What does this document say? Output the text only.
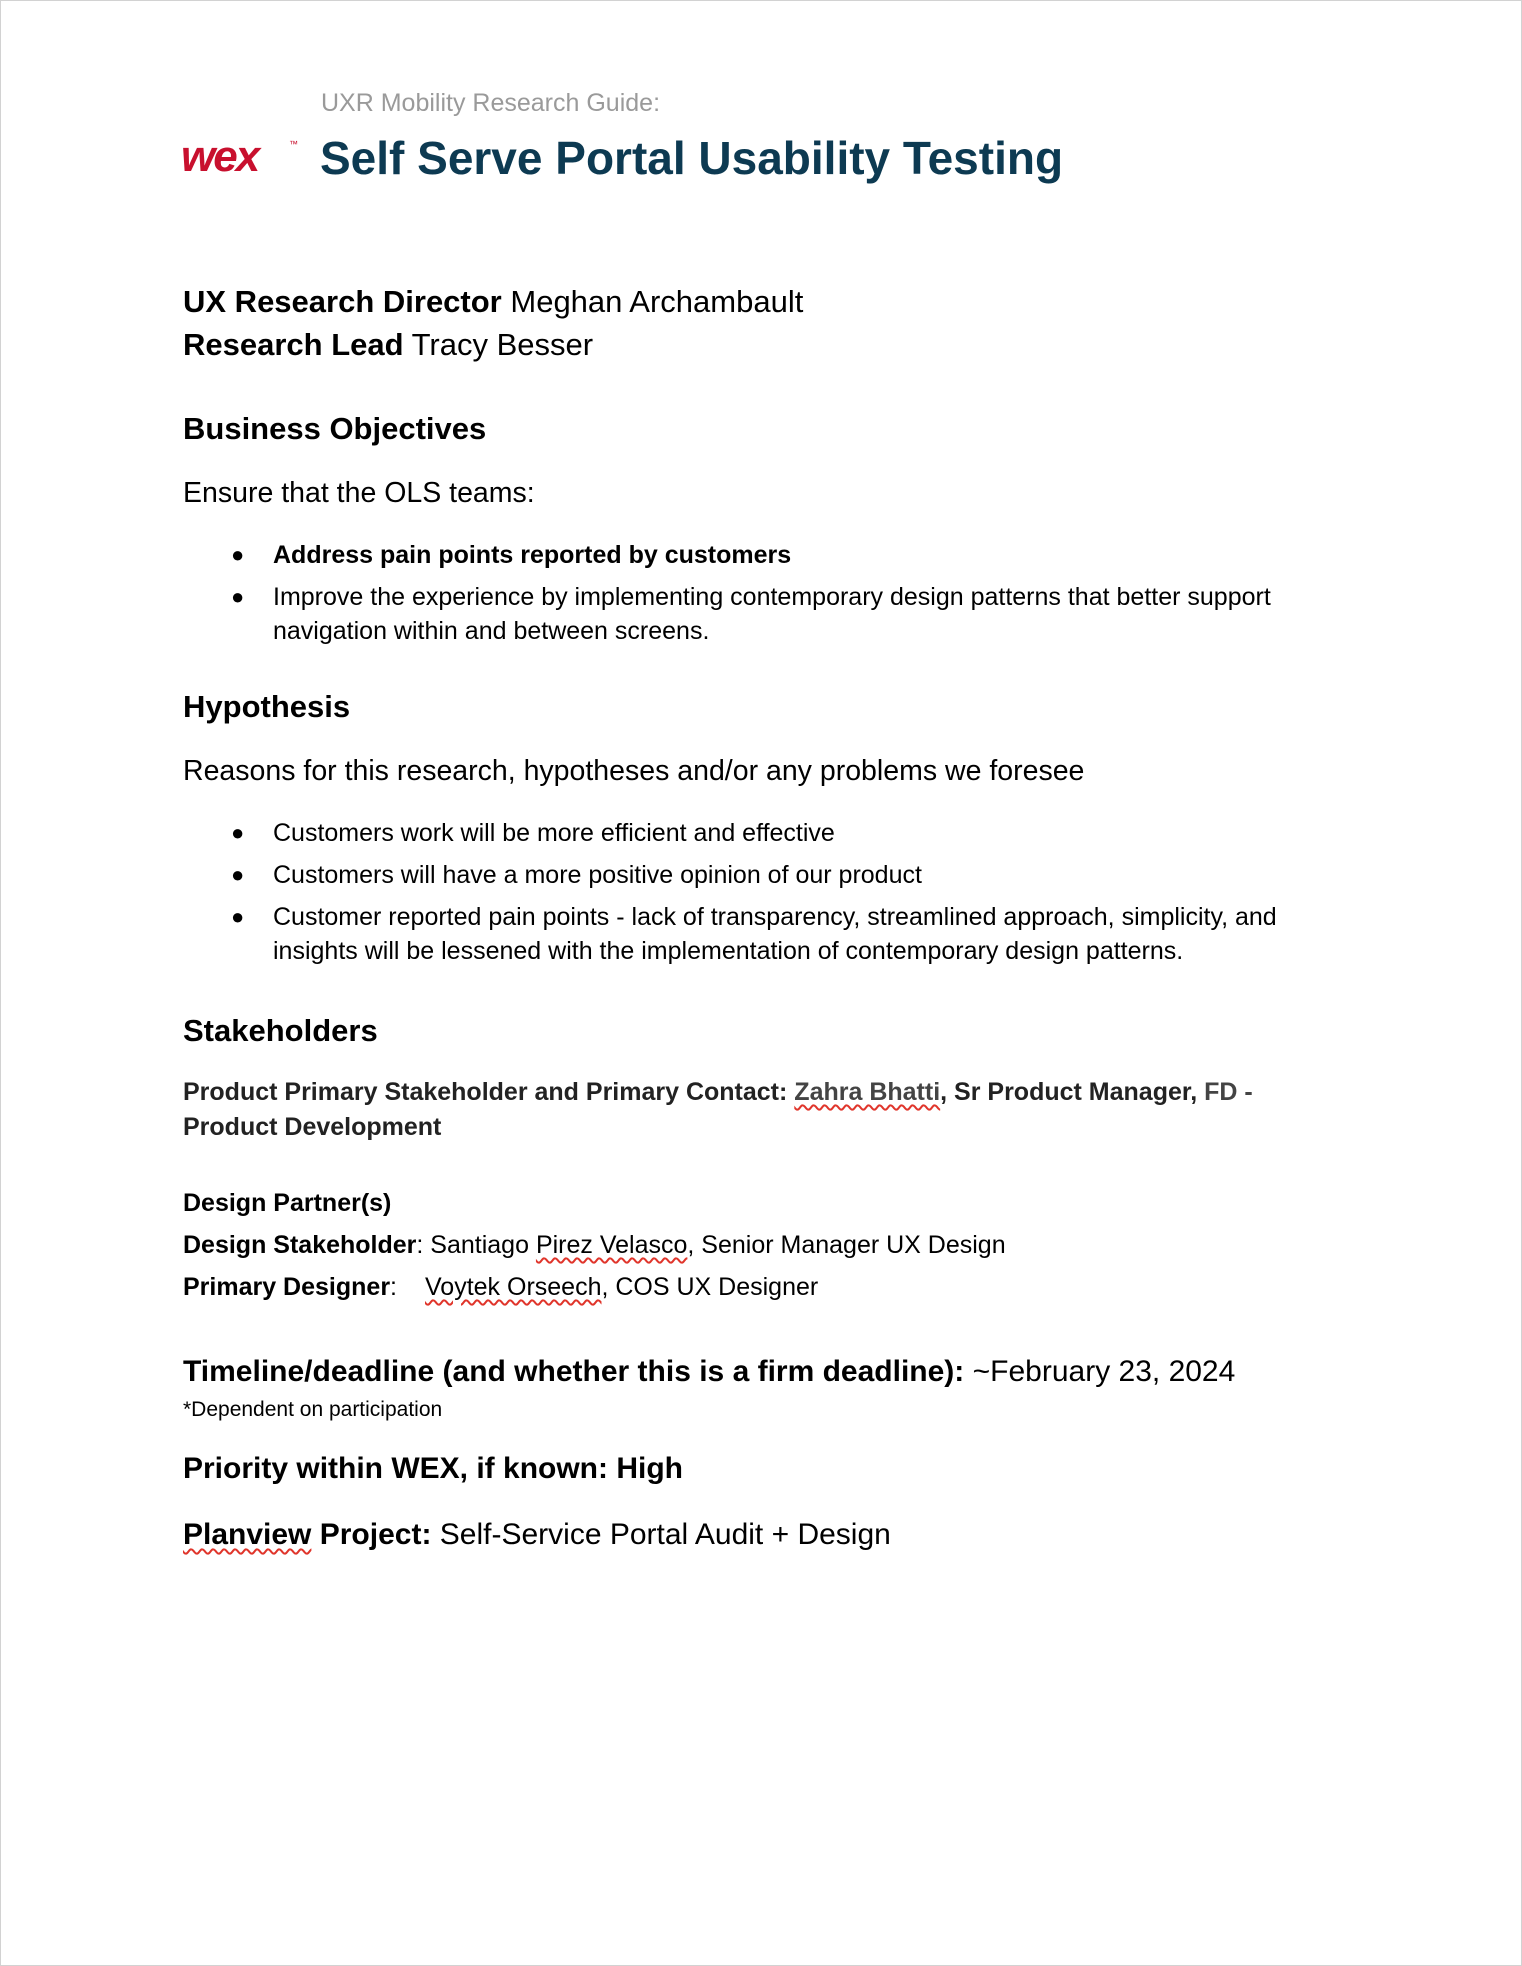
UXR Mobility Research Guide:
wex	™ Self Serve Portal Usability Testing
UX Research Director Meghan Archambault
Research Lead Tracy Besser
Business Objectives
Ensure that the OLS teams:
● Address pain points reported by customers
● Improve the experience by implementing contemporary design patterns that better support navigation within and between screens.
Hypothesis
Reasons for this research, hypotheses and/or any problems we foresee
● Customers work will be more efficient and effective
● Customers will have a more positive opinion of our product
● Customer reported pain points - lack of transparency, streamlined approach, simplicity, and insights will be lessened with the implementation of contemporary design patterns.
Stakeholders
Product Primary Stakeholder and Primary Contact: Zahra Bhatti, Sr Product Manager, FD -
Product Development
Design Partner(s)
Design Stakeholder: Santiago Pirez Velasco, Senior Manager UX Design
Primary Designer: Voytek Orseech, COS UX Designer
Timeline/deadline (and whether this is a firm deadline): ~February 23, 2024
*Dependent on participation
Priority within WEX, if known: High
Planview Project: Self-Service Portal Audit + Design
